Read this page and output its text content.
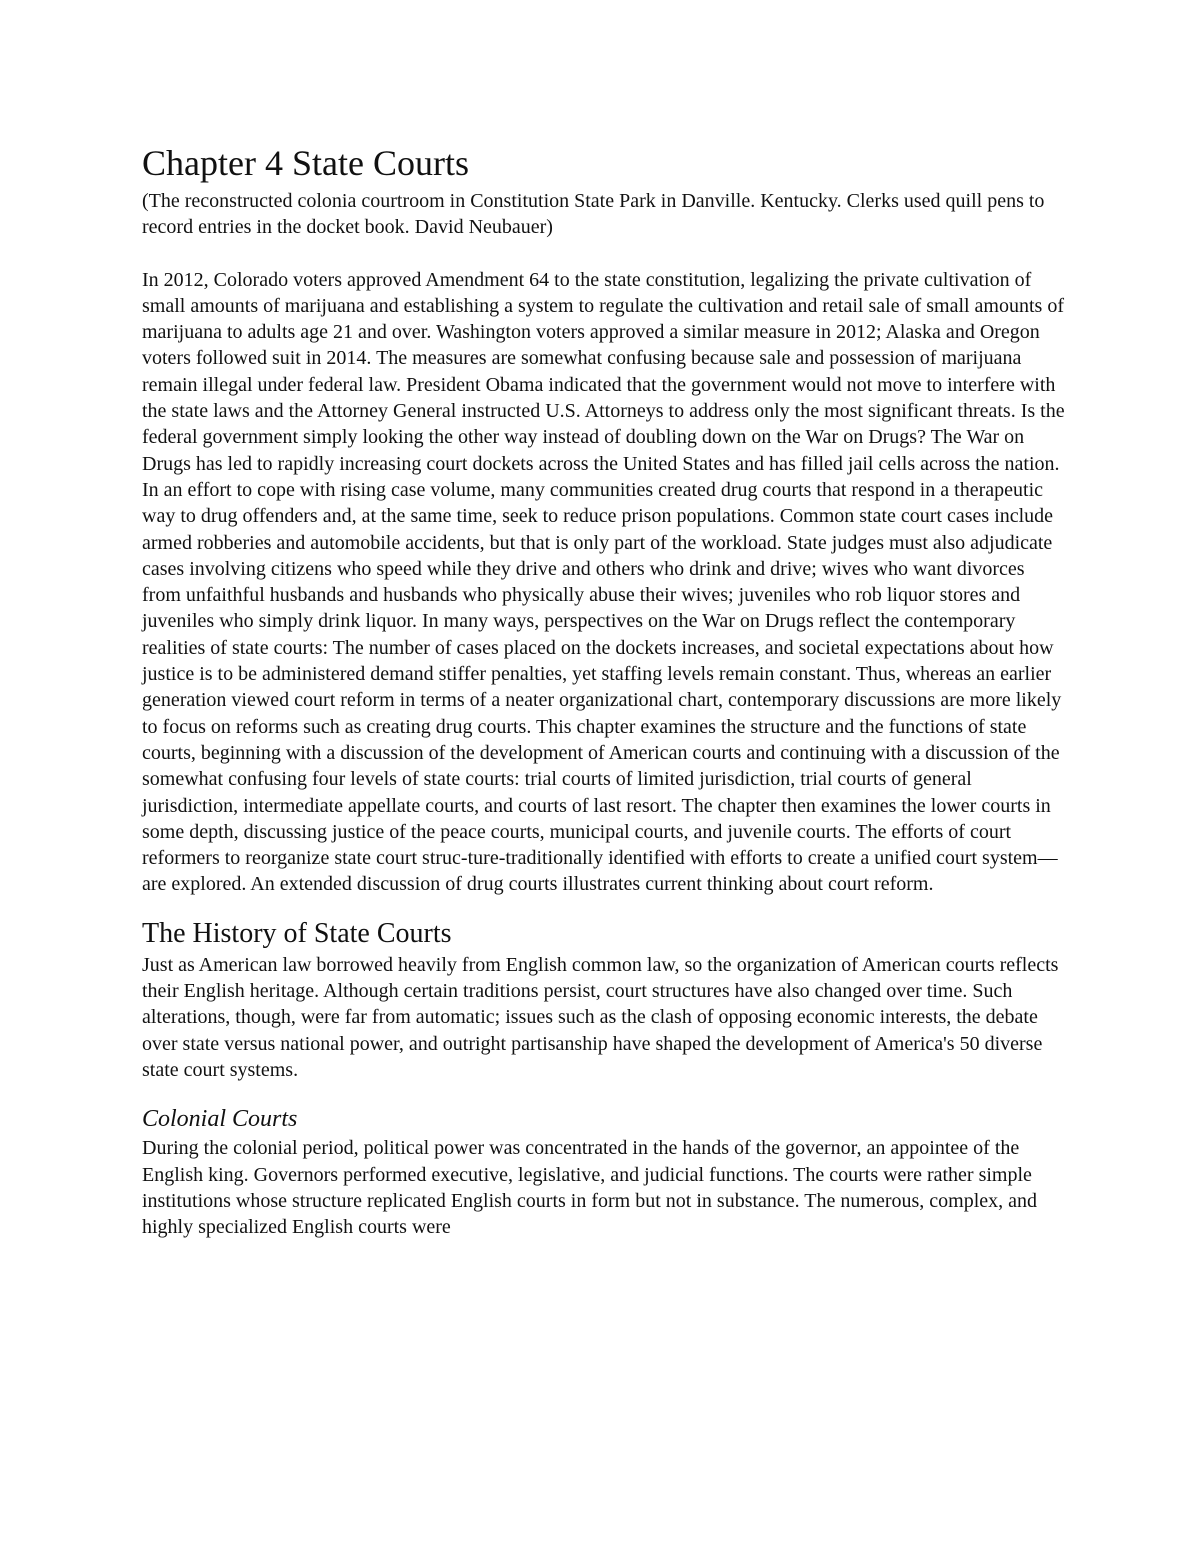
Chapter 4 State Courts

(The reconstructed colonia courtroom in Constitution State Park in Danville. Kentucky. Clerks used quill pens to record entries in the docket book. David Neubauer)

In 2012, Colorado voters approved Amendment 64 to the state constitution, legalizing the private cultivation of small amounts of marijuana and establishing a system to regulate the cultivation and retail sale of small amounts of marijuana to adults age 21 and over. Washington voters approved a similar measure in 2012; Alaska and Oregon voters followed suit in 2014. The measures are somewhat confusing because sale and possession of marijuana remain illegal under federal law. President Obama indicated that the government would not move to interfere with the state laws and the Attorney General instructed U.S. Attorneys to address only the most significant threats. Is the federal government simply looking the other way instead of doubling down on the War on Drugs? The War on Drugs has led to rapidly increasing court dockets across the United States and has filled jail cells across the nation. In an effort to cope with rising case volume, many communities created drug courts that respond in a therapeutic way to drug offenders and, at the same time, seek to reduce prison populations. Common state court cases include armed robberies and automobile accidents, but that is only part of the workload. State judges must also adjudicate cases involving citizens who speed while they drive and others who drink and drive; wives who want divorces from unfaithful husbands and husbands who physically abuse their wives; juveniles who rob liquor stores and juveniles who simply drink liquor. In many ways, perspectives on the War on Drugs reflect the contemporary realities of state courts: The number of cases placed on the dockets increases, and societal expectations about how justice is to be administered demand stiffer penalties, yet staffing levels remain constant. Thus, whereas an earlier generation viewed court reform in terms of a neater organizational chart, contemporary discussions are more likely to focus on reforms such as creating drug courts. This chapter examines the structure and the functions of state courts, beginning with a discussion of the development of American courts and continuing with a discussion of the somewhat confusing four levels of state courts: trial courts of limited jurisdiction, trial courts of general jurisdiction, intermediate appellate courts, and courts of last resort. The chapter then examines the lower courts in some depth, discussing justice of the peace courts, municipal courts, and juvenile courts. The efforts of court reformers to reorganize state court struc-ture-traditionally identified with efforts to create a unified court system—are explored. An extended discussion of drug courts illustrates current thinking about court reform.

The History of State Courts

Just as American law borrowed heavily from English common law, so the organization of American courts reflects their English heritage. Although certain traditions persist, court structures have also changed over time. Such alterations, though, were far from automatic; issues such as the clash of opposing economic interests, the debate over state versus national power, and outright partisanship have shaped the development of America's 50 diverse state court systems.

Colonial Courts

During the colonial period, political power was concentrated in the hands of the governor, an appointee of the English king. Governors performed executive, legislative, and judicial functions. The courts were rather simple institutions whose structure replicated English courts in form but not in substance. The numerous, complex, and highly specialized English courts were
